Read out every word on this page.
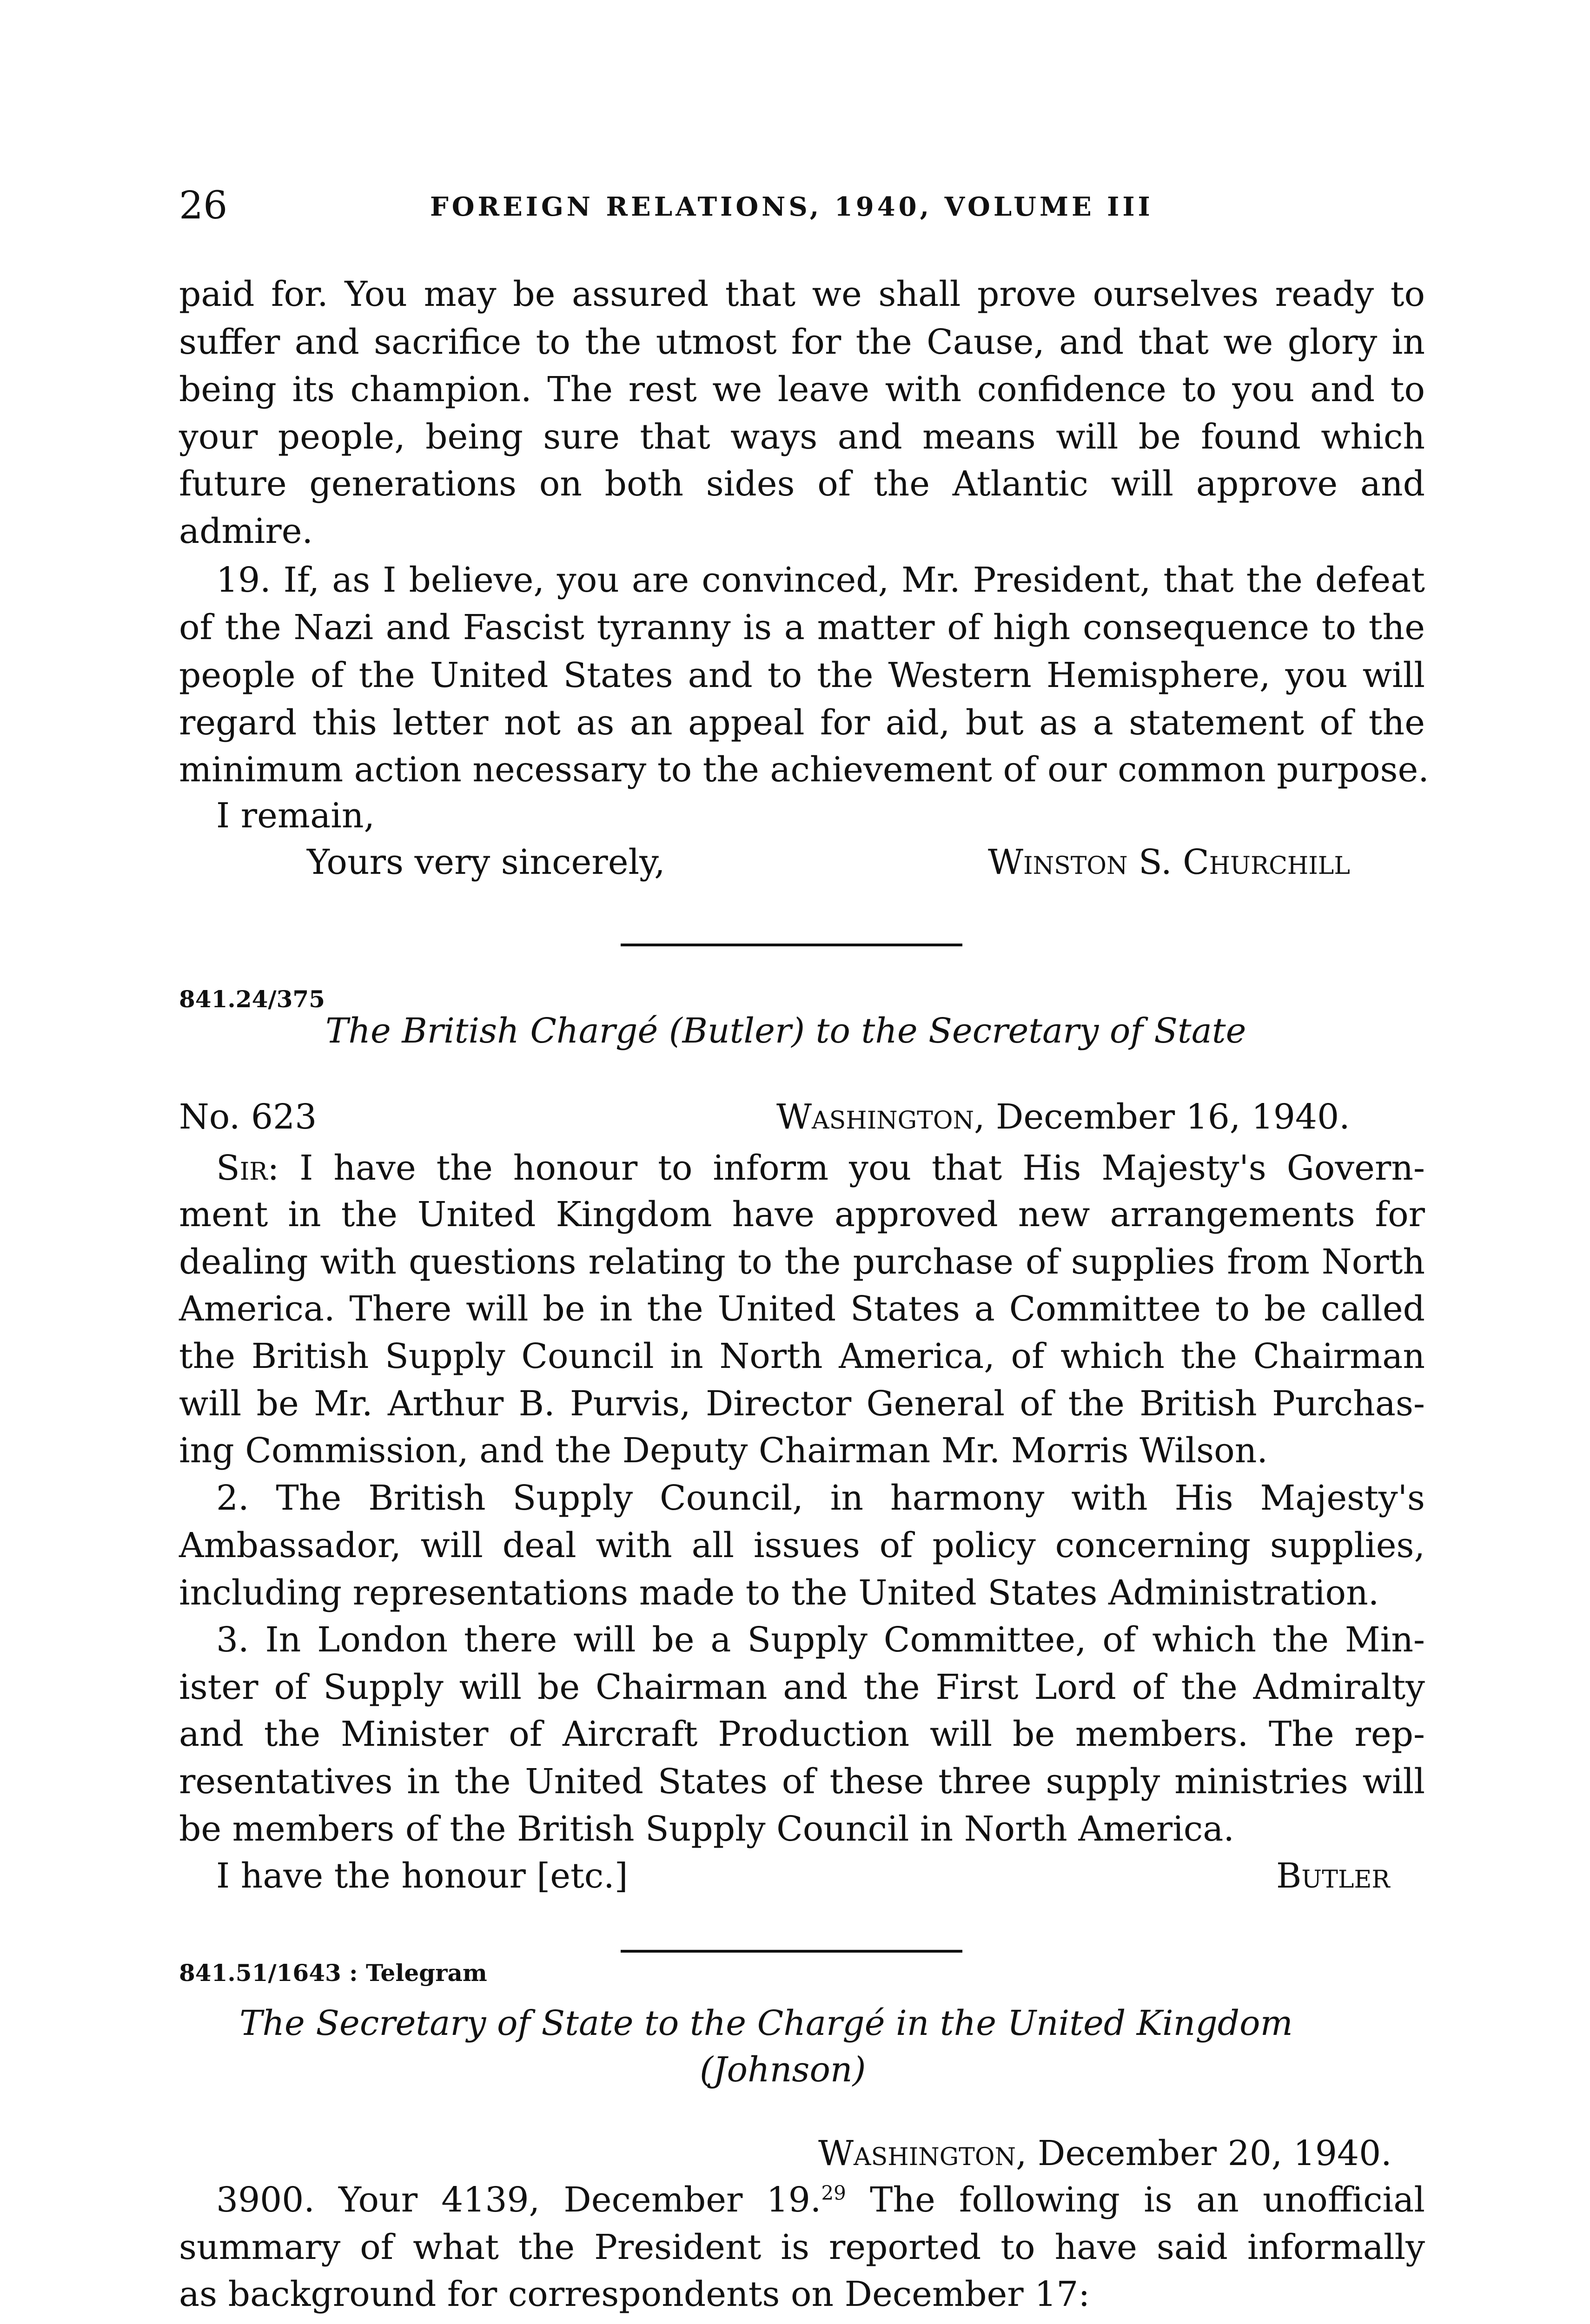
26	FOREIGN RELATIONS, 1940, VOLUME III
paid for. You may be assured that we shall prove ourselves ready to
suffer and sacrifice to the utmost for the Cause, and that we glory in
being its champion. The rest we leave with confidence to you and to
your people, being sure that ways and means will be found which
future generations on both sides of the Atlantic will approve and
admire.
19. If, as I believe, you are convinced, Mr. President, that the defeat
of the Nazi and Fascist tyranny is a matter of high consequence to the
people of the United States and to the Western Hemisphere, you will
regard this letter not as an appeal for aid, but as a statement of the
minimum action necessary to the achievement of our common purpose.
I remain,
Yours very sincerely,	Winston S. Churchill
841.24/375
The British Chargé (Butler) to the Secretary of State
No. 623	Washington, December 16, 1940.
Sir: I have the honour to inform you that His Majesty's Govern-
ment in the United Kingdom have approved new arrangements for
dealing with questions relating to the purchase of supplies from North
America. There will be in the United States a Committee to be called
the British Supply Council in North America, of which the Chairman
will be Mr. Arthur B. Purvis, Director General of the British Purchas-
ing Commission, and the Deputy Chairman Mr. Morris Wilson.
2. The British Supply Council, in harmony with His Majesty's
Ambassador, will deal with all issues of policy concerning supplies,
including representations made to the United States Administration.
3. In London there will be a Supply Committee, of which the Min-
ister of Supply will be Chairman and the First Lord of the Admiralty
and the Minister of Aircraft Production will be members. The rep-
resentatives in the United States of these three supply ministries will
be members of the British Supply Council in North America.
I have the honour [etc.]	Butler
841.51/1643 : Telegram
The Secretary of State to the Chargé in the United Kingdom
(Johnson)
Washington, December 20, 1940.
3900. Your 4139, December 19.29 The following is an unofficial
summary of what the President is reported to have said informally
as background for correspondents on December 17:
